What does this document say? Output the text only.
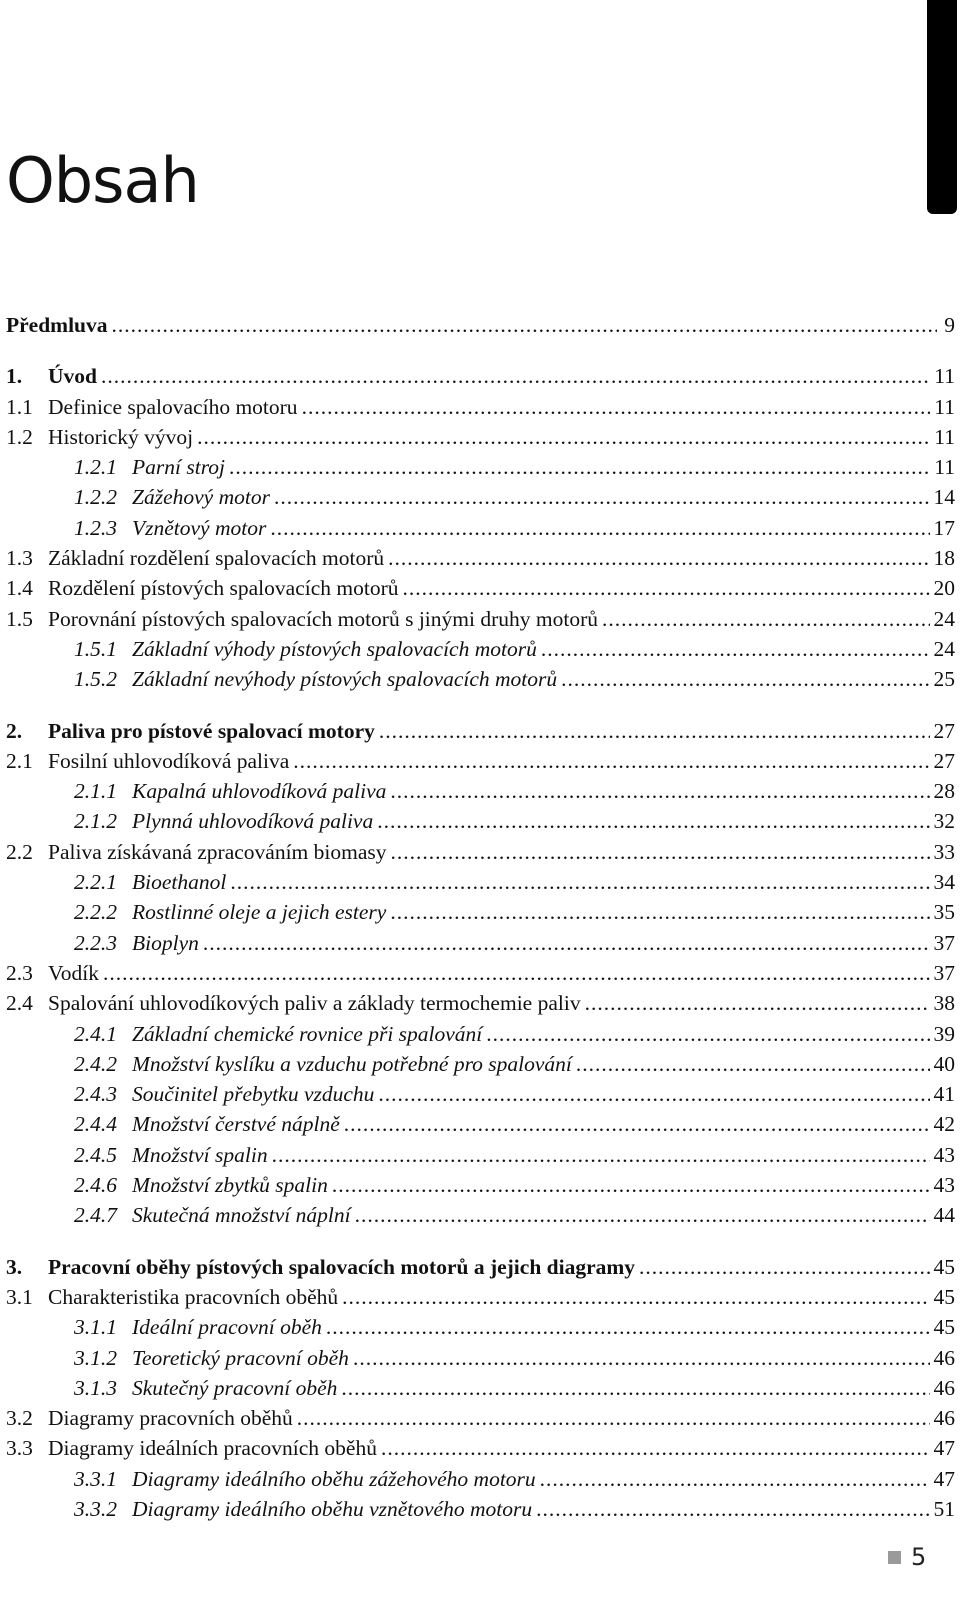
Obsah
Předmluva .....	9
1.	Úvod .....	11
1.1 Definice spalovacího motoru .....	11
1.2 Historický vývoj .....	11
1.2.1 Parní stroj .....	11
1.2.2 Zážehový motor .....	14
1.2.3 Vznětový motor .....	17
1.3 Základní rozdělení spalovacích motorů .....	18
1.4 Rozdělení pístových spalovacích motorů .....	20
1.5 Porovnání pístových spalovacích motorů s jinými druhy motorů .....	24
1.5.1 Základní výhody pístových spalovacích motorů .....	24
1.5.2 Základní nevýhody pístových spalovacích motorů .....	25
2.	Paliva pro pístové spalovací motory .....	27
2.1 Fosilní uhlovodíková paliva .....	27
2.1.1 Kapalná uhlovodíková paliva .....	28
2.1.2 Plynná uhlovodíková paliva .....	32
2.2 Paliva získávaná zpracováním biomasy .....	33
2.2.1 Bioethanol .....	34
2.2.2 Rostlinné oleje a jejich estery .....	35
2.2.3 Bioplyn .....	37
2.3 Vodík .....	37
2.4 Spalování uhlovodíkových paliv a základy termochemie paliv .....	38
2.4.1 Základní chemické rovnice při spalování .....	39
2.4.2 Množství kyslíku a vzduchu potřebné pro spalování .....	40
2.4.3 Součinitel přebytku vzduchu .....	41
2.4.4 Množství čerstvé náplně .....	42
2.4.5 Množství spalin .....	43
2.4.6 Množství zbytků spalin .....	43
2.4.7 Skutečná množství náplní .....	44
3.	Pracovní oběhy pístových spalovacích motorů a jejich diagramy .....	45
3.1 Charakteristika pracovních oběhů .....	45
3.1.1 Ideální pracovní oběh .....	45
3.1.2 Teoretický pracovní oběh .....	46
3.1.3 Skutečný pracovní oběh .....	46
3.2 Diagramy pracovních oběhů .....	46
3.3 Diagramy ideálních pracovních oběhů .....	47
3.3.1 Diagramy ideálního oběhu zážehového motoru .....	47
3.3.2 Diagramy ideálního oběhu vznětového motoru .....	51
5
